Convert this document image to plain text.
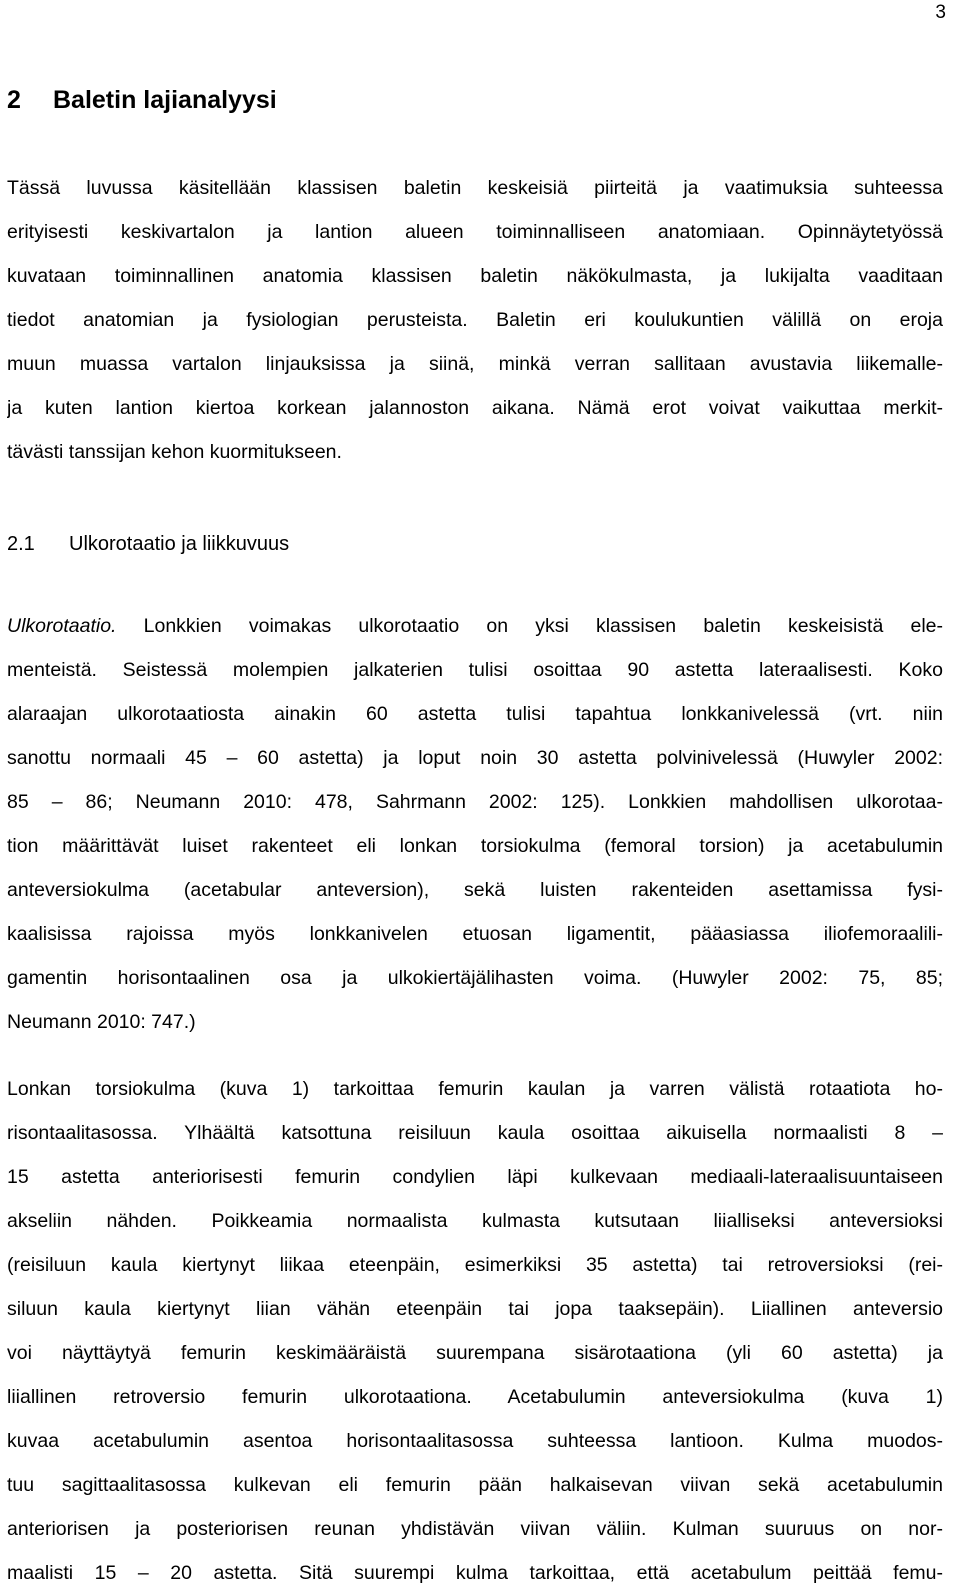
3
2 Baletin lajianalyysi
Tässä luvussa käsitellään klassisen baletin keskeisiä piirteitä ja vaatimuksia suhteessa
erityisesti keskivartalon ja lantion alueen toiminnalliseen anatomiaan. Opinnäytetyössä
kuvataan toiminnallinen anatomia klassisen baletin näkökulmasta, ja lukijalta vaaditaan
tiedot anatomian ja fysiologian perusteista. Baletin eri koulukuntien välillä on eroja
muun muassa vartalon linjauksissa ja siinä, minkä verran sallitaan avustavia liikemalle-
ja kuten lantion kiertoa korkean jalannoston aikana. Nämä erot voivat vaikuttaa merkit-
tävästi tanssijan kehon kuormitukseen.
2.1 Ulkorotaatio ja liikkuvuus
Ulkorotaatio. Lonkkien voimakas ulkorotaatio on yksi klassisen baletin keskeisistä ele-
menteistä. Seistessä molempien jalkaterien tulisi osoittaa 90 astetta lateraalisesti. Koko
alaraajan ulkorotaatiosta ainakin 60 astetta tulisi tapahtua lonkkanivelessä (vrt. niin
sanottu normaali 45 – 60 astetta) ja loput noin 30 astetta polvinivelessä (Huwyler 2002:
85 – 86; Neumann 2010: 478, Sahrmann 2002: 125). Lonkkien mahdollisen ulkorotaa-
tion määrittävät luiset rakenteet eli lonkan torsiokulma (femoral torsion) ja acetabulumin
anteversiokulma (acetabular anteversion), sekä luisten rakenteiden asettamissa fysi-
kaalisissa rajoissa myös lonkkanivelen etuosan ligamentit, pääasiassa iliofemoraalili-
gamentin horisontaalinen osa ja ulkokiertäjälihasten voima. (Huwyler 2002: 75, 85;
Neumann 2010: 747.)
Lonkan torsiokulma (kuva 1) tarkoittaa femurin kaulan ja varren välistä rotaatiota ho-
risontaalitasossa. Ylhäältä katsottuna reisiluun kaula osoittaa aikuisella normaalisti 8 –
15 astetta anteriorisesti femurin condylien läpi kulkevaan mediaali-lateraalisuuntaiseen
akseliin nähden. Poikkeamia normaalista kulmasta kutsutaan liialliseksi anteversioksi
(reisiluun kaula kiertynyt liikaa eteenpäin, esimerkiksi 35 astetta) tai retroversioksi (rei-
siluun kaula kiertynyt liian vähän eteenpäin tai jopa taaksepäin). Liiallinen anteversio
voi näyttäytyä femurin keskimääräistä suurempana sisärotaationa (yli 60 astetta) ja
liiallinen retroversio femurin ulkorotaationa. Acetabulumin anteversiokulma (kuva 1)
kuvaa acetabulumin asentoa horisontaalitasossa suhteessa lantioon. Kulma muodos-
tuu sagittaalitasossa kulkevan eli femurin pään halkaisevan viivan sekä acetabulumin
anteriorisen ja posteriorisen reunan yhdistävän viivan väliin. Kulman suuruus on nor-
maalisti 15 – 20 astetta. Sitä suurempi kulma tarkoittaa, että acetabulum peittää femu-
